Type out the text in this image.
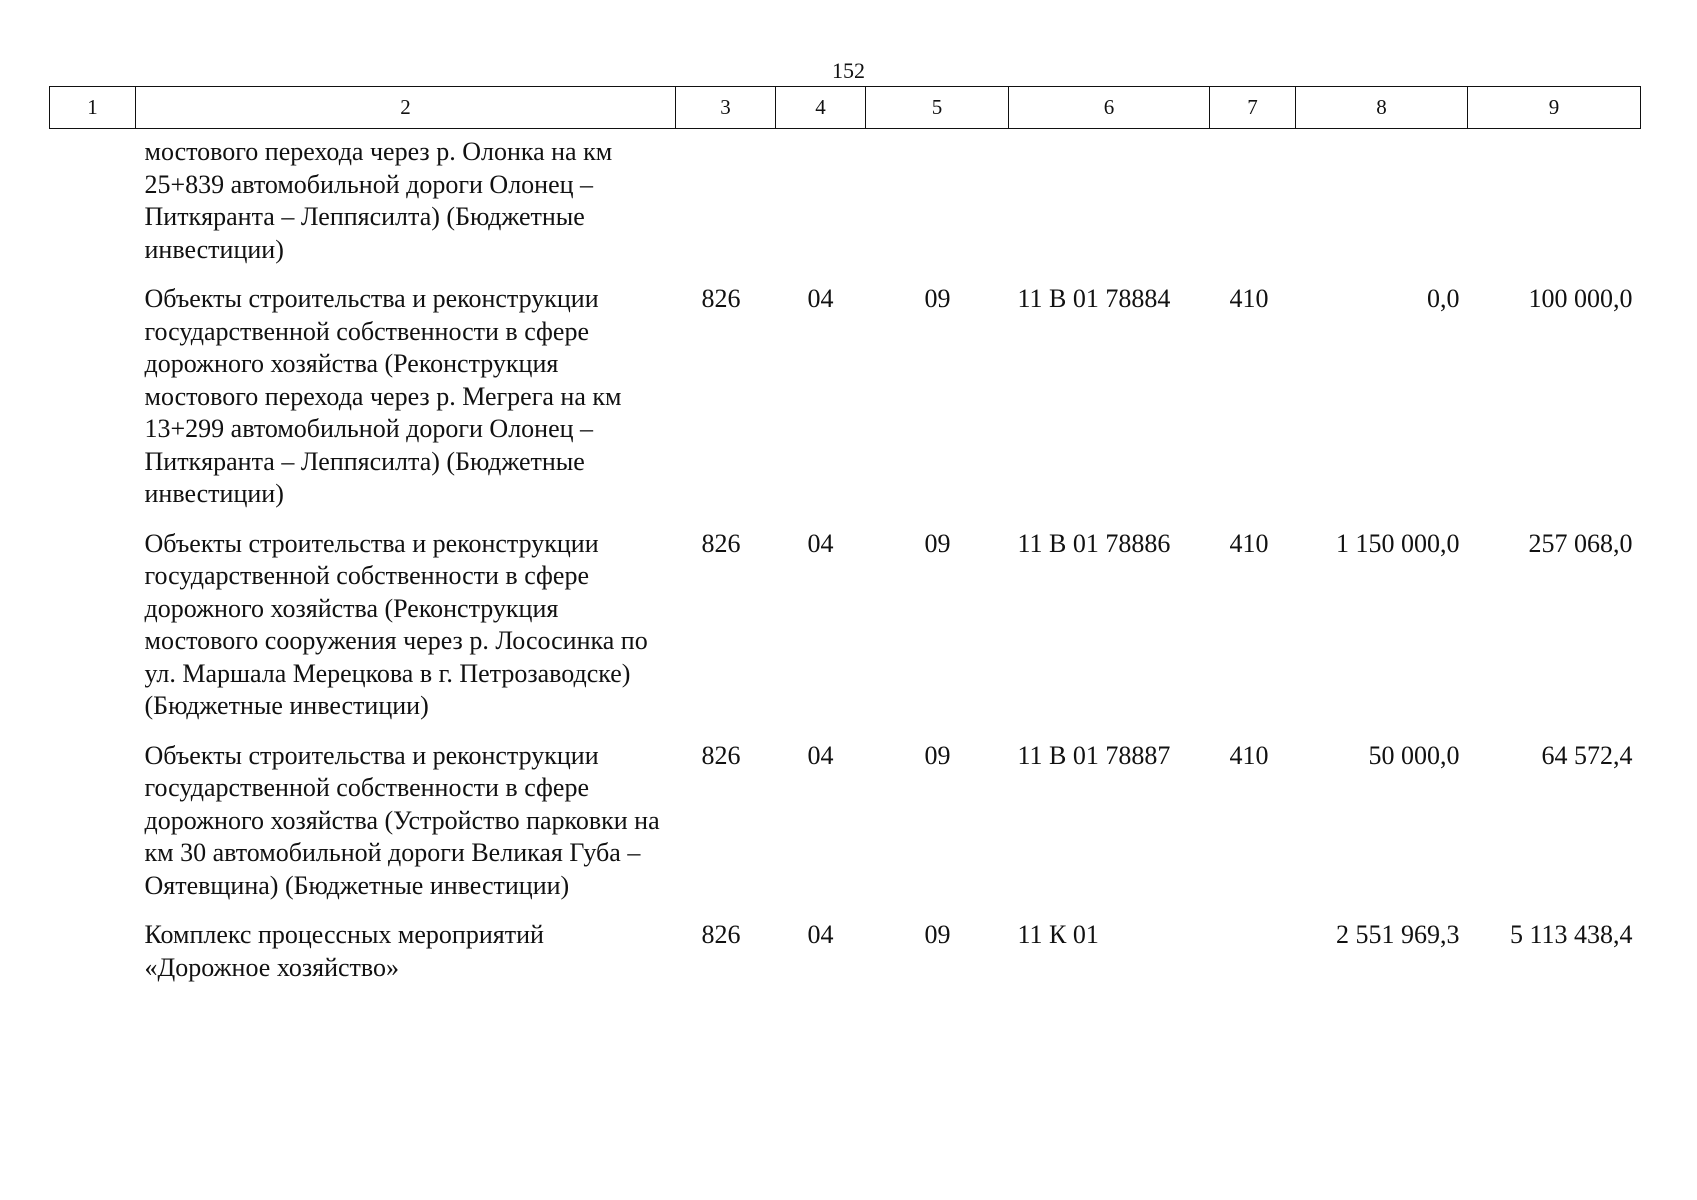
152
1	2	3	4	5	6	7	8	9
	мостового перехода через р. Олонка на км 25+839 автомобильной дороги Олонец – Питкяранта – Леппясилта) (Бюджетные инвестиции)							
	Объекты строительства и реконструкции государственной собственности в сфере дорожного хозяйства (Реконструкция мостового перехода через р. Мегрега на км 13+299 автомобильной дороги Олонец – Питкяранта – Леппясилта) (Бюджетные инвестиции)	826	04	09	11 В 01 78884	410	0,0	100 000,0
	Объекты строительства и реконструкции государственной собственности в сфере дорожного хозяйства (Реконструкция мостового сооружения через р. Лососинка по ул. Маршала Мерецкова в г. Петрозаводске) (Бюджетные инвестиции)	826	04	09	11 В 01 78886	410	1 150 000,0	257 068,0
	Объекты строительства и реконструкции государственной собственности в сфере дорожного хозяйства (Устройство парковки на км 30 автомобильной дороги Великая Губа – Оятевщина) (Бюджетные инвестиции)	826	04	09	11 В 01 78887	410	50 000,0	64 572,4
	Комплекс процессных мероприятий «Дорожное хозяйство»	826	04	09	11 К 01		2 551 969,3	5 113 438,4
